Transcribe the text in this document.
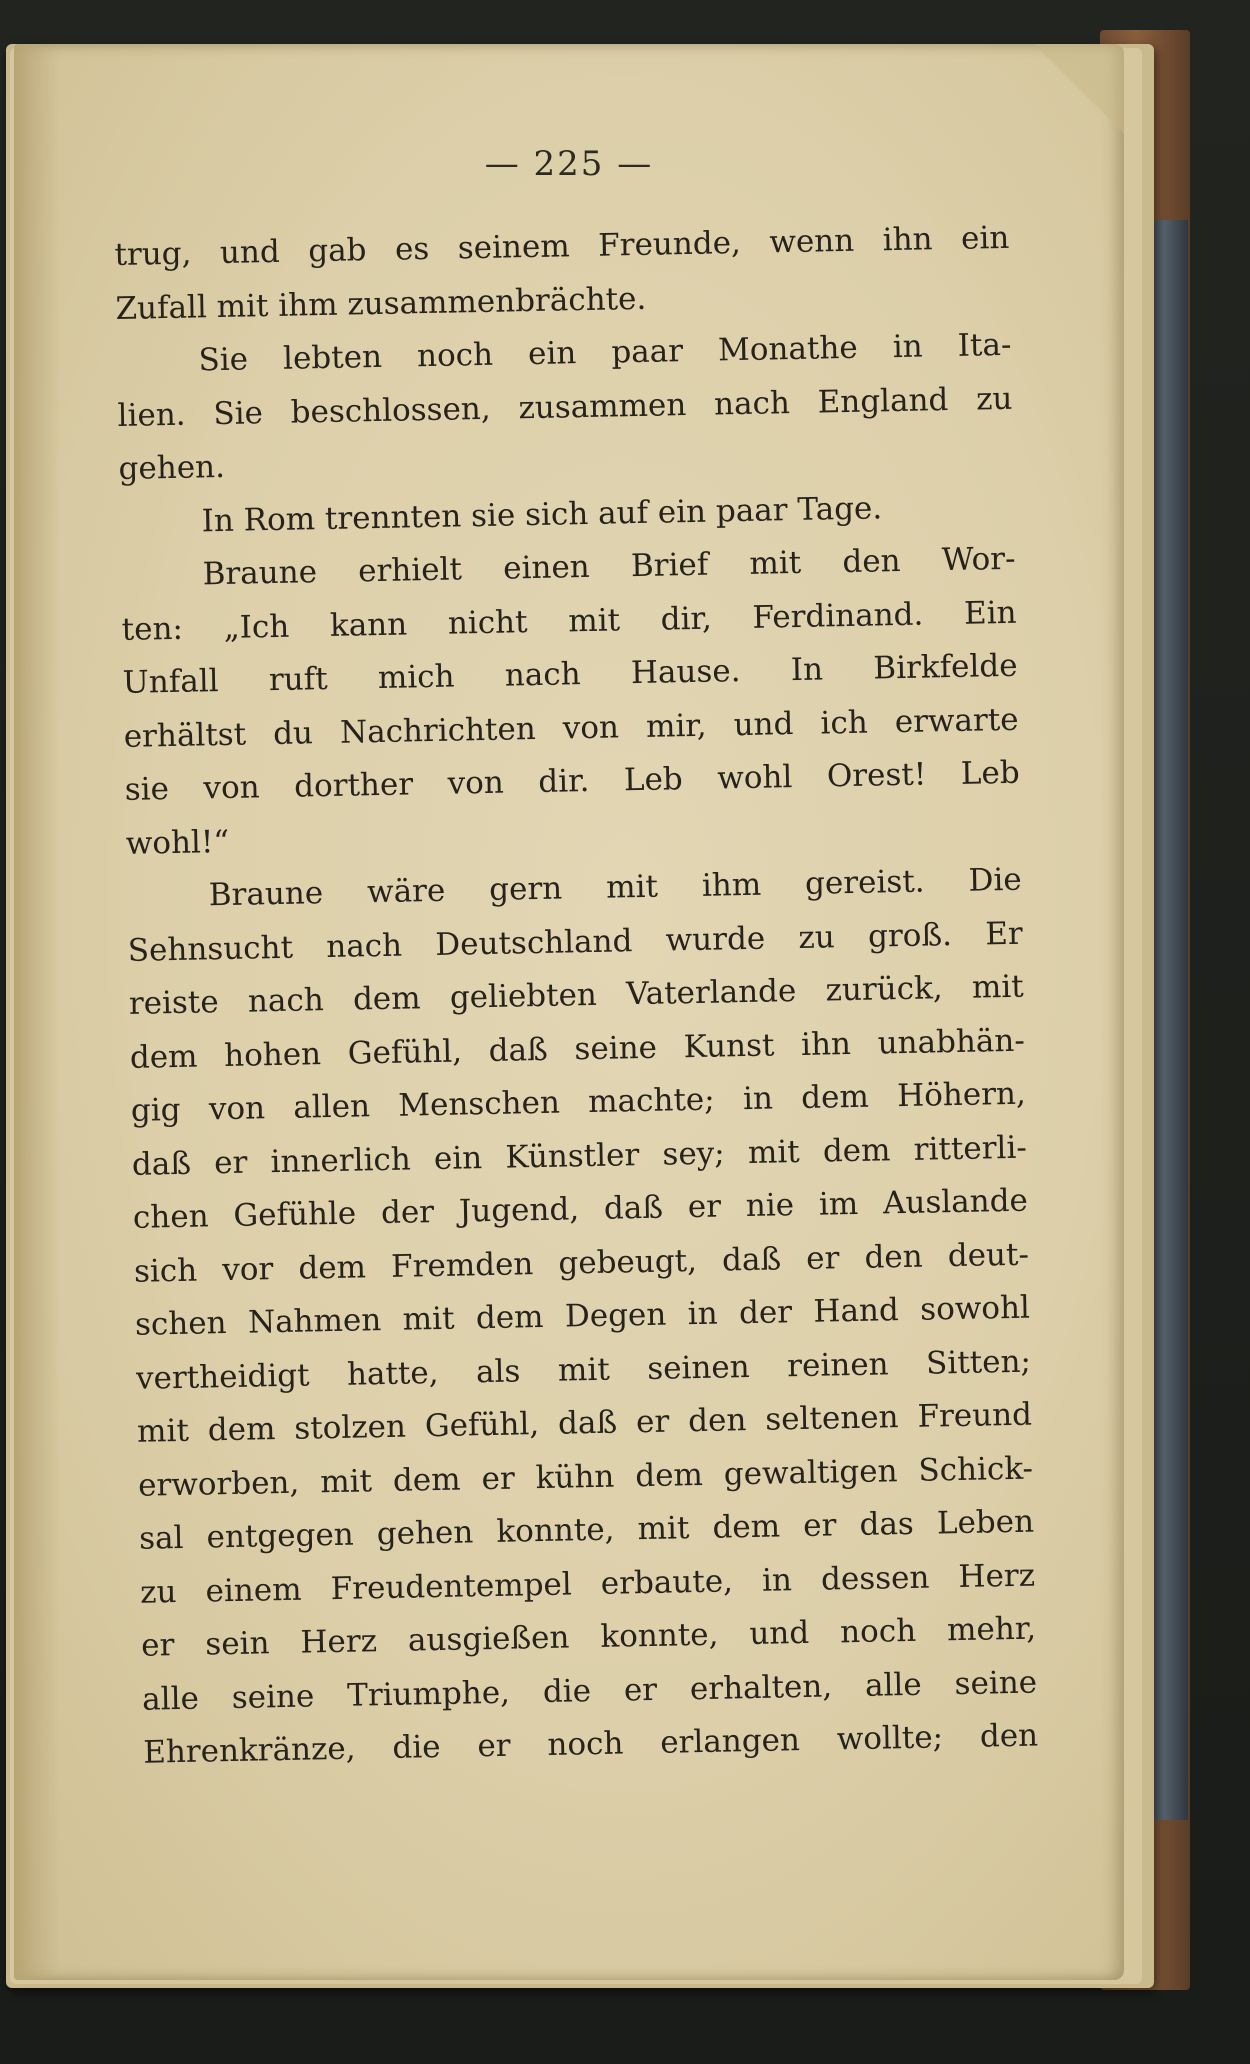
— 225 —
trug, und gab es seinem Freunde, wenn ihn ein
Zufall mit ihm zusammenbrächte.
Sie lebten noch ein paar Monathe in Ita-
lien. Sie beschlossen, zusammen nach England zu
gehen.
In Rom trennten sie sich auf ein paar Tage.
Braune erhielt einen Brief mit den Wor-
ten: „Ich kann nicht mit dir, Ferdinand. Ein
Unfall ruft mich nach Hause. In Birkfelde
erhältst du Nachrichten von mir, und ich erwarte
sie von dorther von dir. Leb wohl Orest! Leb
wohl!“
Braune wäre gern mit ihm gereist. Die
Sehnsucht nach Deutschland wurde zu groß. Er
reiste nach dem geliebten Vaterlande zurück, mit
dem hohen Gefühl, daß seine Kunst ihn unabhän-
gig von allen Menschen machte; in dem Höhern,
daß er innerlich ein Künstler sey; mit dem ritterli-
chen Gefühle der Jugend, daß er nie im Auslande
sich vor dem Fremden gebeugt, daß er den deut-
schen Nahmen mit dem Degen in der Hand sowohl
vertheidigt hatte, als mit seinen reinen Sitten;
mit dem stolzen Gefühl, daß er den seltenen Freund
erworben, mit dem er kühn dem gewaltigen Schick-
sal entgegen gehen konnte, mit dem er das Leben
zu einem Freudentempel erbaute, in dessen Herz
er sein Herz ausgießen konnte, und noch mehr,
alle seine Triumphe, die er erhalten, alle seine
Ehrenkränze, die er noch erlangen wollte; den
